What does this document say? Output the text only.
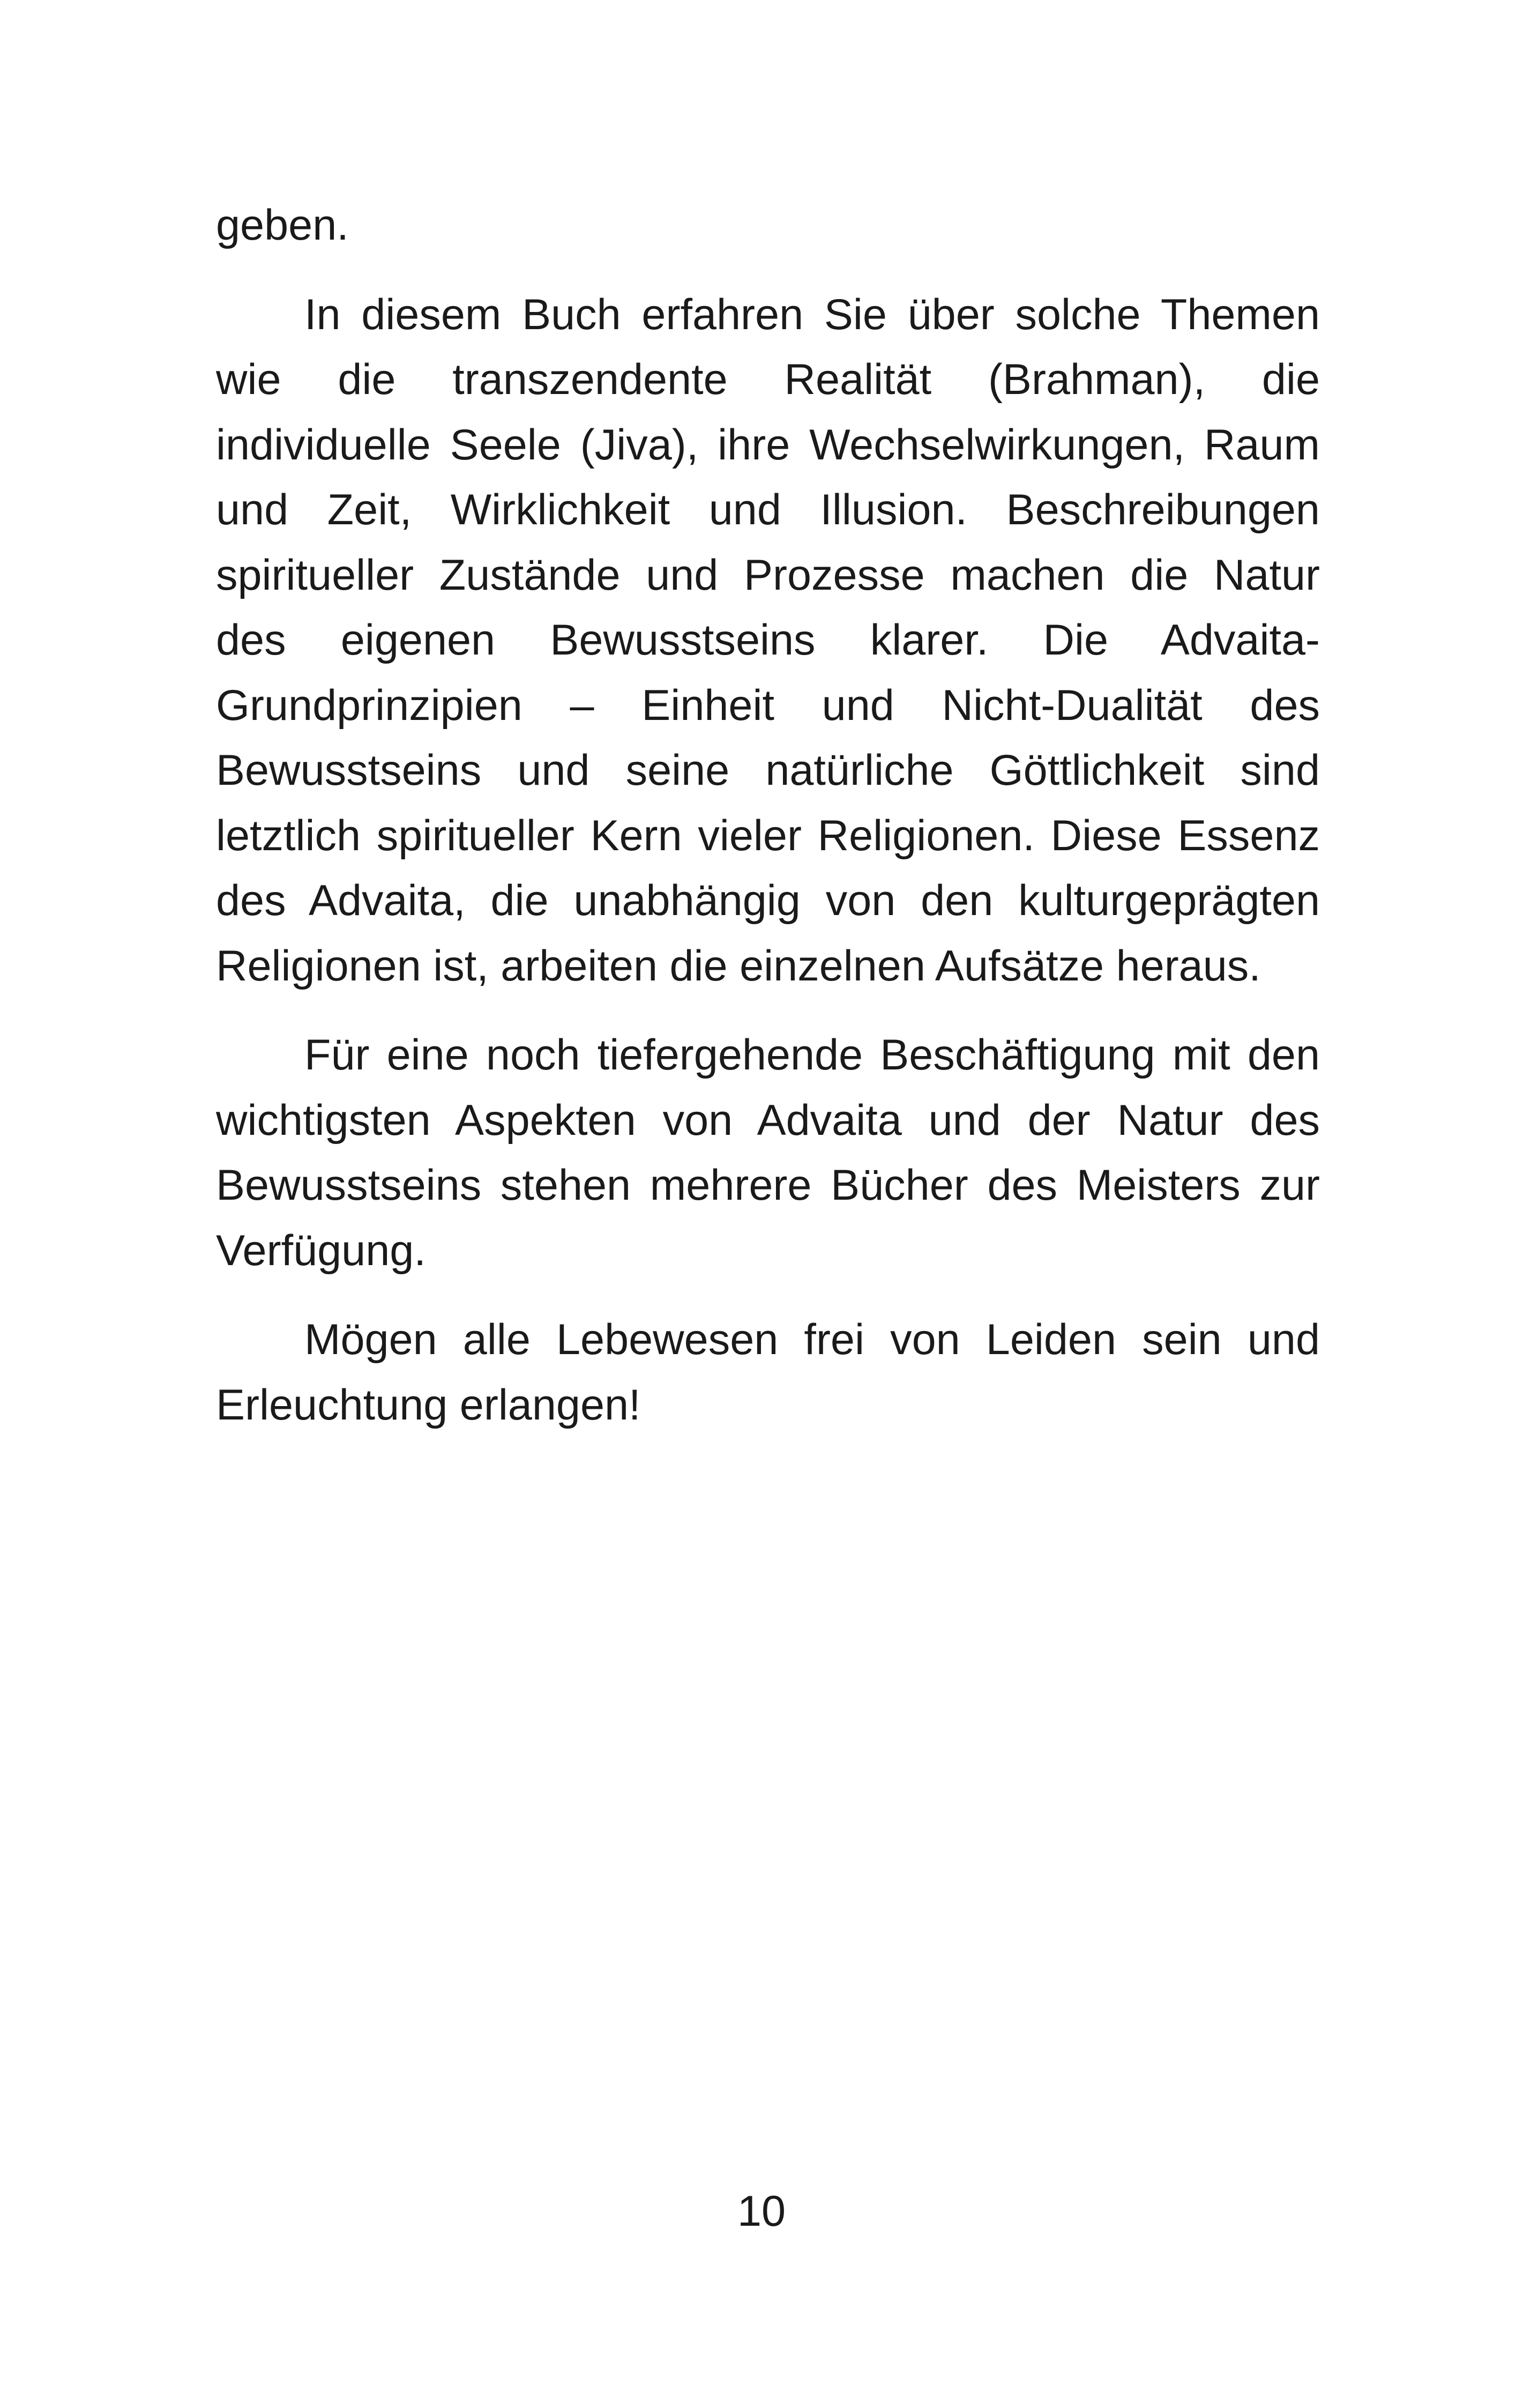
geben.

In diesem Buch erfahren Sie über solche Themen wie die transzendente Realität (Brahman), die individuelle Seele (Jiva), ihre Wechselwirkungen, Raum und Zeit, Wirklichkeit und Illusion. Beschreibungen spiritueller Zustände und Prozesse machen die Natur des eigenen Bewusstseins klarer. Die Advaita-Grundprinzipien – Einheit und Nicht-Dualität des Bewusstseins und seine natürliche Göttlichkeit sind letztlich spiritueller Kern vieler Religionen. Diese Essenz des Advaita, die unabhängig von den kulturgeprägten Religionen ist, arbeiten die einzelnen Aufsätze heraus.

Für eine noch tiefergehende Beschäftigung mit den wichtigsten Aspekten von Advaita und der Natur des Bewusstseins stehen mehrere Bücher des Meisters zur Verfügung.

Mögen alle Lebewesen frei von Leiden sein und Erleuchtung erlangen!

10
